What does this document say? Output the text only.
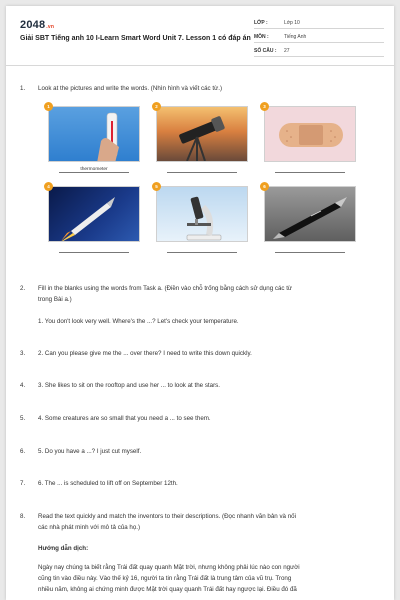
2048.vn
Giải SBT Tiếng anh 10 I-Learn Smart Word Unit 7. Lesson 1 có đáp án
LỚP :	Lớp 10
MÔN :	Tiếng Anh
SỐ CÂU : 27
1. Look at the pictures and write the words. (Nhìn hình và viết các từ.)
1
thermometer
2	3
4	5	6
2. Fill in the blanks using the words from Task a. (Điền vào chỗ trống bằng cách sử dụng các từ
trong Bài a.)
1. You don't look very well. Where's the ...? Let's check your temperature.
3. 2. Can you please give me the ... over there? I need to write this down quickly.
4. 3. She likes to sit on the rooftop and use her ... to look at the stars.
5. 4. Some creatures are so small that you need a ... to see them.
6. 5. Do you have a ...? I just cut myself.
7. 6. The ... is scheduled to lift off on September 12th.
8. Read the text quickly and match the inventors to their descriptions. (Đọc nhanh văn bản và nối
các nhà phát minh với mô tả của họ.)
Hướng dẫn dịch:
Ngày nay chúng ta biết rằng Trái đất quay quanh Mặt trời, nhưng không phải lúc nào con người
cũng tin vào điều này. Vào thế kỷ 16, người ta tin rằng Trái đất là trung tâm của vũ trụ. Trong
nhiều năm, không ai chứng minh được Mặt trời quay quanh Trái đất hay ngược lại. Điều đó đã
